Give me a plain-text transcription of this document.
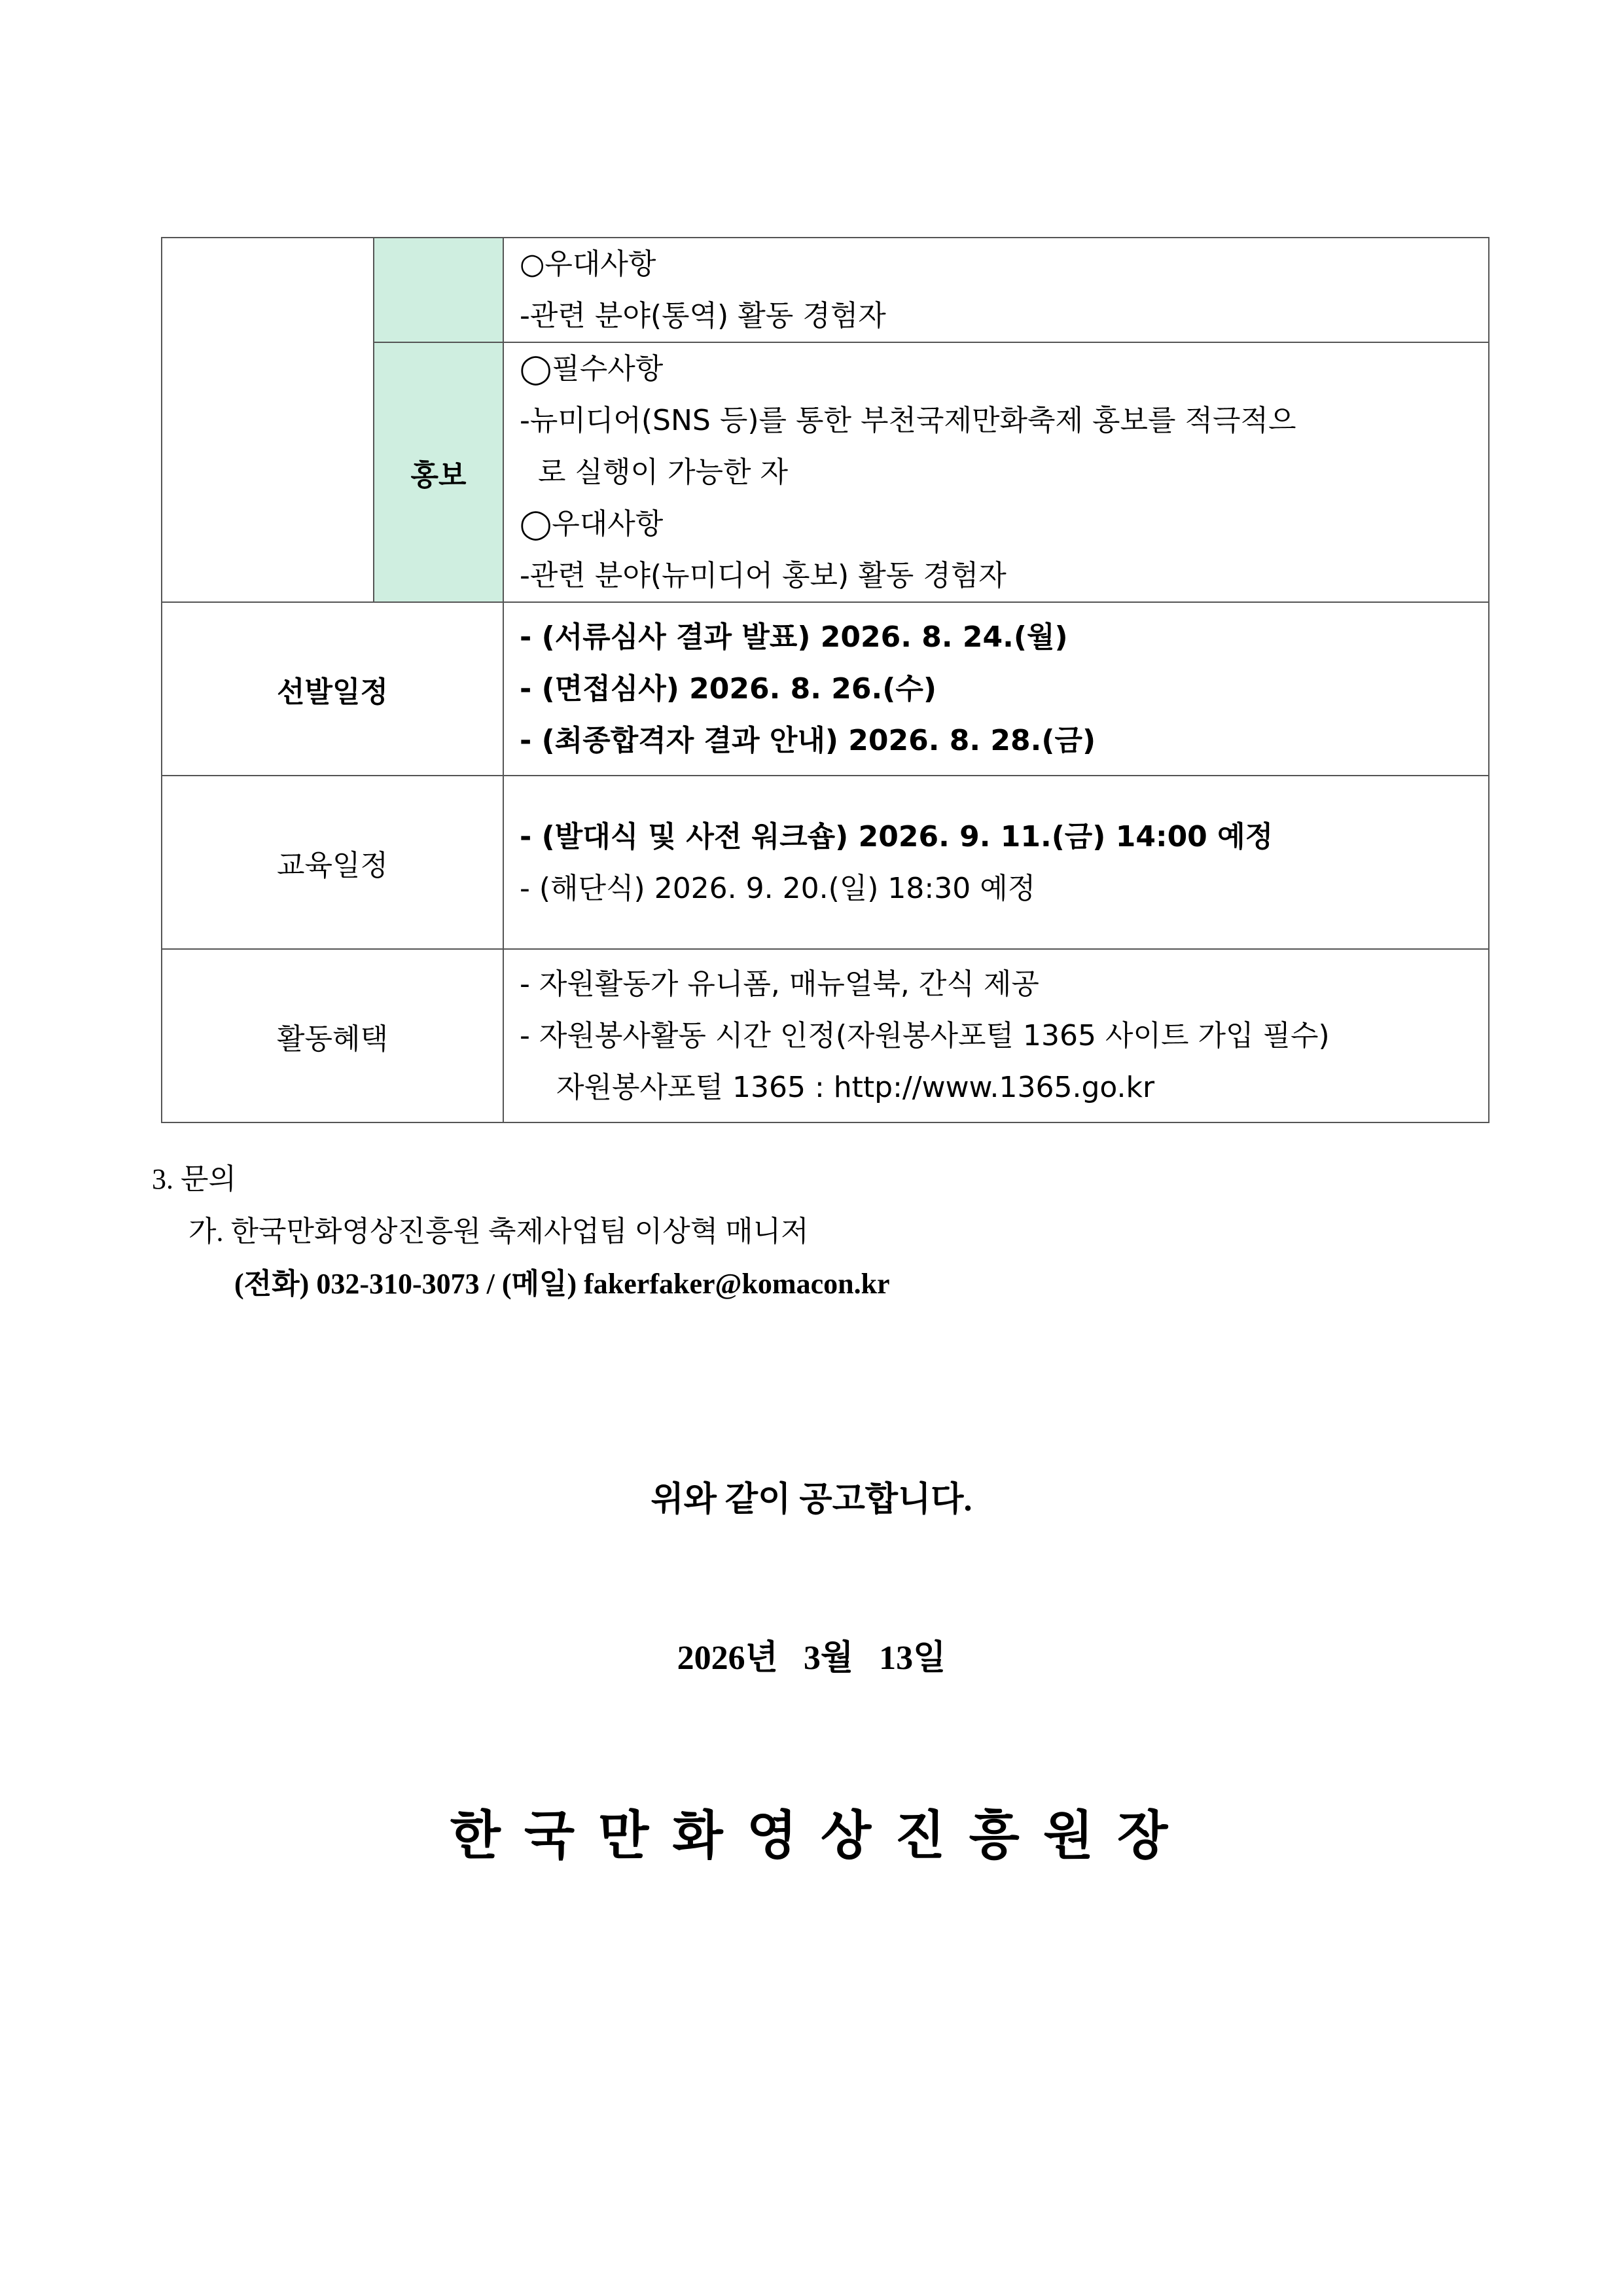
		○우대사항
-관련 분야(통역) 활동 경험자

	홍보	◯필수사항
-뉴미디어(SNS 등)를 통한 부천국제만화축제 홍보를 적극적으
로 실행이 가능한 자
◯우대사항
-관련 분야(뉴미디어 홍보) 활동 경험자

선발일정		- (서류심사 결과 발표) 2026. 8. 24.(월)
- (면접심사) 2026. 8. 26.(수)
- (최종합격자 결과 안내) 2026. 8. 28.(금)

교육일정		- (발대식 및 사전 워크숍) 2026. 9. 11.(금) 14:00 예정
- (해단식) 2026. 9. 20.(일) 18:30 예정

활동혜택		- 자원활동가 유니폼, 매뉴얼북, 간식 제공
- 자원봉사활동 시간 인정(자원봉사포털 1365 사이트 가입 필수)
자원봉사포털 1365 : http://www.1365.go.kr
3. 문의
가. 한국만화영상진흥원 축제사업팀 이상혁 매니저
(전화) 032-310-3073 / (메일) fakerfaker@komacon.kr
위와 같이 공고합니다.
2026년   3월   13일
한 국 만 화 영 상 진 흥 원 장
